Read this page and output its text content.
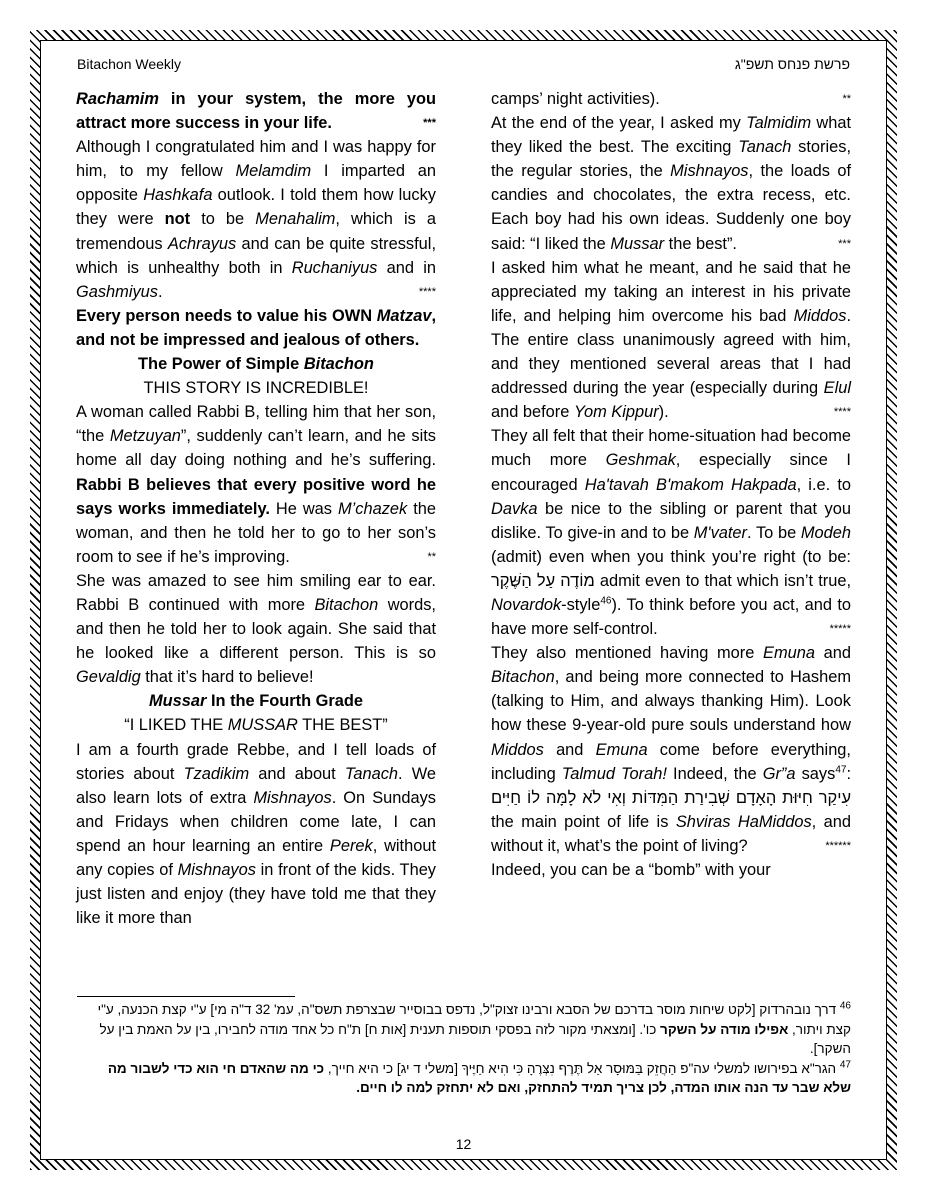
Bitachon Weekly	פרשת פנחס תשפ"ג

Rachamim in your system, the more you attract more success in your life.	***

Although I congratulated him and I was happy for him, to my fellow Melamdim I imparted an opposite Hashkafa outlook. I told them how lucky they were not to be Menahalim, which is a tremendous Achrayus and can be quite stressful, which is unhealthy both in Ruchaniyus and in Gashmiyus.	****

Every person needs to value his OWN Matzav, and not be impressed and jealous of others.

The Power of Simple Bitachon

THIS STORY IS INCREDIBLE!

A woman called Rabbi B, telling him that her son, “the Metzuyan”, suddenly can’t learn, and he sits home all day doing nothing and he’s suffering. Rabbi B believes that every positive word he says works immediately. He was M’chazek the woman, and then he told her to go to her son’s room to see if he’s improving.	**

She was amazed to see him smiling ear to ear. Rabbi B continued with more Bitachon words, and then he told her to look again. She said that he looked like a different person. This is so Gevaldig that it’s hard to believe!

Mussar In the Fourth Grade

“I LIKED THE MUSSAR THE BEST”

I am a fourth grade Rebbe, and I tell loads of stories about Tzadikim and about Tanach. We also learn lots of extra Mishnayos. On Sundays and Fridays when children come late, I can spend an hour learning an entire Perek, without any copies of Mishnayos in front of the kids. They just listen and enjoy (they have told me that they like it more than

camps’ night activities).	**

At the end of the year, I asked my Talmidim what they liked the best. The exciting Tanach stories, the regular stories, the Mishnayos, the loads of candies and chocolates, the extra recess, etc. Each boy had his own ideas. Suddenly one boy said: “I liked the Mussar the best”.	***

I asked him what he meant, and he said that he appreciated my taking an interest in his private life, and helping him overcome his bad Middos. The entire class unanimously agreed with him, and they mentioned several areas that I had addressed during the year (especially during Elul and before Yom Kippur).	****

They all felt that their home-situation had become much more Geshmak, especially since I encouraged Ha'tavah B'makom Hakpada, i.e. to Davka be nice to the sibling or parent that you dislike. To give-in and to be M'vater. To be Modeh (admit) even when you think you’re right (to be: מוֹדֶה עַל הַשֶּׁקֶר admit even to that which isn’t true, Novardok-style$^{46}$). To think before you act, and to have more self-control.	*****

They also mentioned having more Emuna and Bitachon, and being more connected to Hashem (talking to Him, and always thanking Him). Look how these 9-year-old pure souls understand how Middos and Emuna come before everything, including Talmud Torah! Indeed, the Gr”a says$^{47}$: עִיקַר חִיּוּת הָאָדָם שְׁבִירַת הַמִּדּוֹת וְאִי לֹא לָמָּה לוֹ חַיִּים the main point of life is Shviras HaMiddos, and without it, what’s the point of living?	******

Indeed, you can be a “bomb” with your

$^{46}$ דרך נובהרדוק [לקט שיחות מוסר בדרכם של הסבא ורבינו זצוק"ל, נדפס בבוסייר שבצרפת תשס"ה, עמ' 32 ד"ה מי] ע"י קצת הכנעה, ע"י קצת ויתור, אפילו מודה על השקר כו'. [ומצאתי מקור לזה בפסקי תוספות תענית [אות ח] ת"ח כל אחד מודה לחבירו, בין על האמת בין על השקר].

$^{47}$ הגר"א בפירושו למשלי עה"פ הַחֲזֵק בַּמּוּסָר אַל תֶּרֶף נִצְּרֶהָ כִּי הִיא חַיֶּיךָ [משלי ד יג] כי היא חייך, כי מה שהאדם חי הוא כדי לשבור מה שלא שבר עד הנה אותו המדה, לכן צריך תמיד להתחזק, ואם לא יתחזק למה לו חיים.

12
